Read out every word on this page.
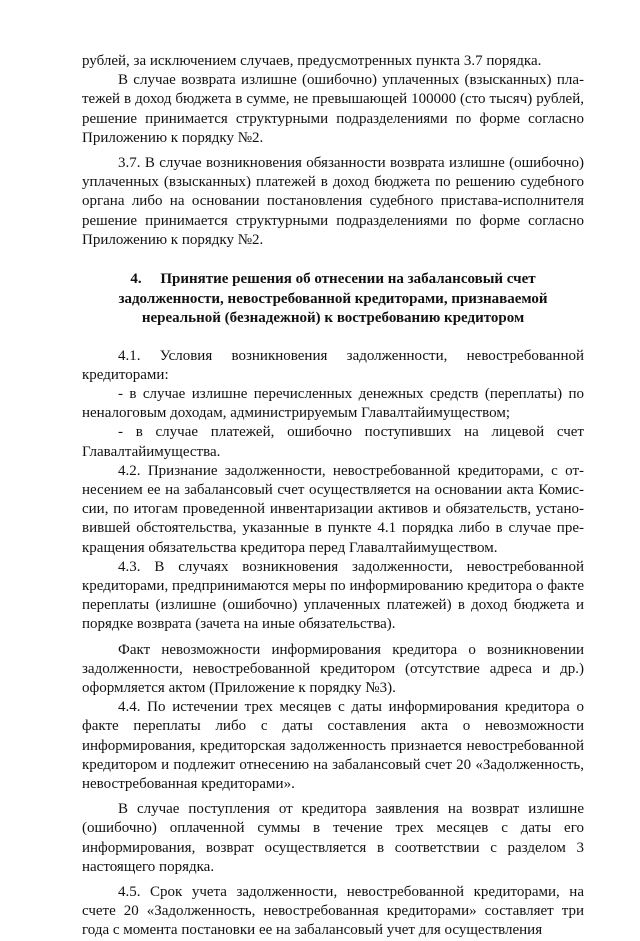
рублей, за исключением случаев, предусмотренных пункта 3.7 порядка.

В случае возврата излишне (ошибочно) уплаченных (взысканных) платежей в доход бюджета в сумме, не превышающей 100000 (сто тысяч) рублей, решение принимается структурными подразделениями по форме согласно Приложению к порядку №2.

3.7. В случае возникновения обязанности возврата излишне (ошибочно) уплаченных (взысканных) платежей в доход бюджета по решению судебного органа либо на основании постановления судебного пристава-исполнителя решение принимается структурными подразделениями по форме согласно Приложению к порядку №2.

4. Принятие решения об отнесении на забалансовый счет
задолженности, невостребованной кредиторами, признаваемой
нереальной (безнадежной) к востребованию кредитором

4.1. Условия возникновения задолженности, невостребованной кредиторами:

- в случае излишне перечисленных денежных средств (переплаты) по неналоговым доходам, администрируемым Главалтайимуществом;

- в случае платежей, ошибочно поступивших на лицевой счет Главалтайимущества.

4.2. Признание задолженности, невостребованной кредиторами, с отнесением ее на забалансовый счет осуществляется на основании акта Комиссии, по итогам проведенной инвентаризации активов и обязательств, установившей обстоятельства, указанные в пункте 4.1 порядка либо в случае прекращения обязательства кредитора перед Главалтайимуществом.

4.3. В случаях возникновения задолженности, невостребованной кредиторами, предпринимаются меры по информированию кредитора о факте переплаты (излишне (ошибочно) уплаченных платежей) в доход бюджета и порядке возврата (зачета на иные обязательства).

Факт невозможности информирования кредитора о возникновении задолженности, невостребованной кредитором (отсутствие адреса и др.) оформляется актом (Приложение к порядку №3).

4.4. По истечении трех месяцев с даты информирования кредитора о факте переплаты либо с даты составления акта о невозможности информирования, кредиторская задолженность признается невостребованной кредитором и подлежит отнесению на забалансовый счет 20 «Задолженность, невостребованная кредиторами».

В случае поступления от кредитора заявления на возврат излишне (ошибочно) оплаченной суммы в течение трех месяцев с даты его информирования, возврат осуществляется в соответствии с разделом 3 настоящего порядка.

4.5. Срок учета задолженности, невостребованной кредиторами, на счете 20 «Задолженность, невостребованная кредиторами» составляет три года с момента постановки ее на забалансовый учет для осуществления
